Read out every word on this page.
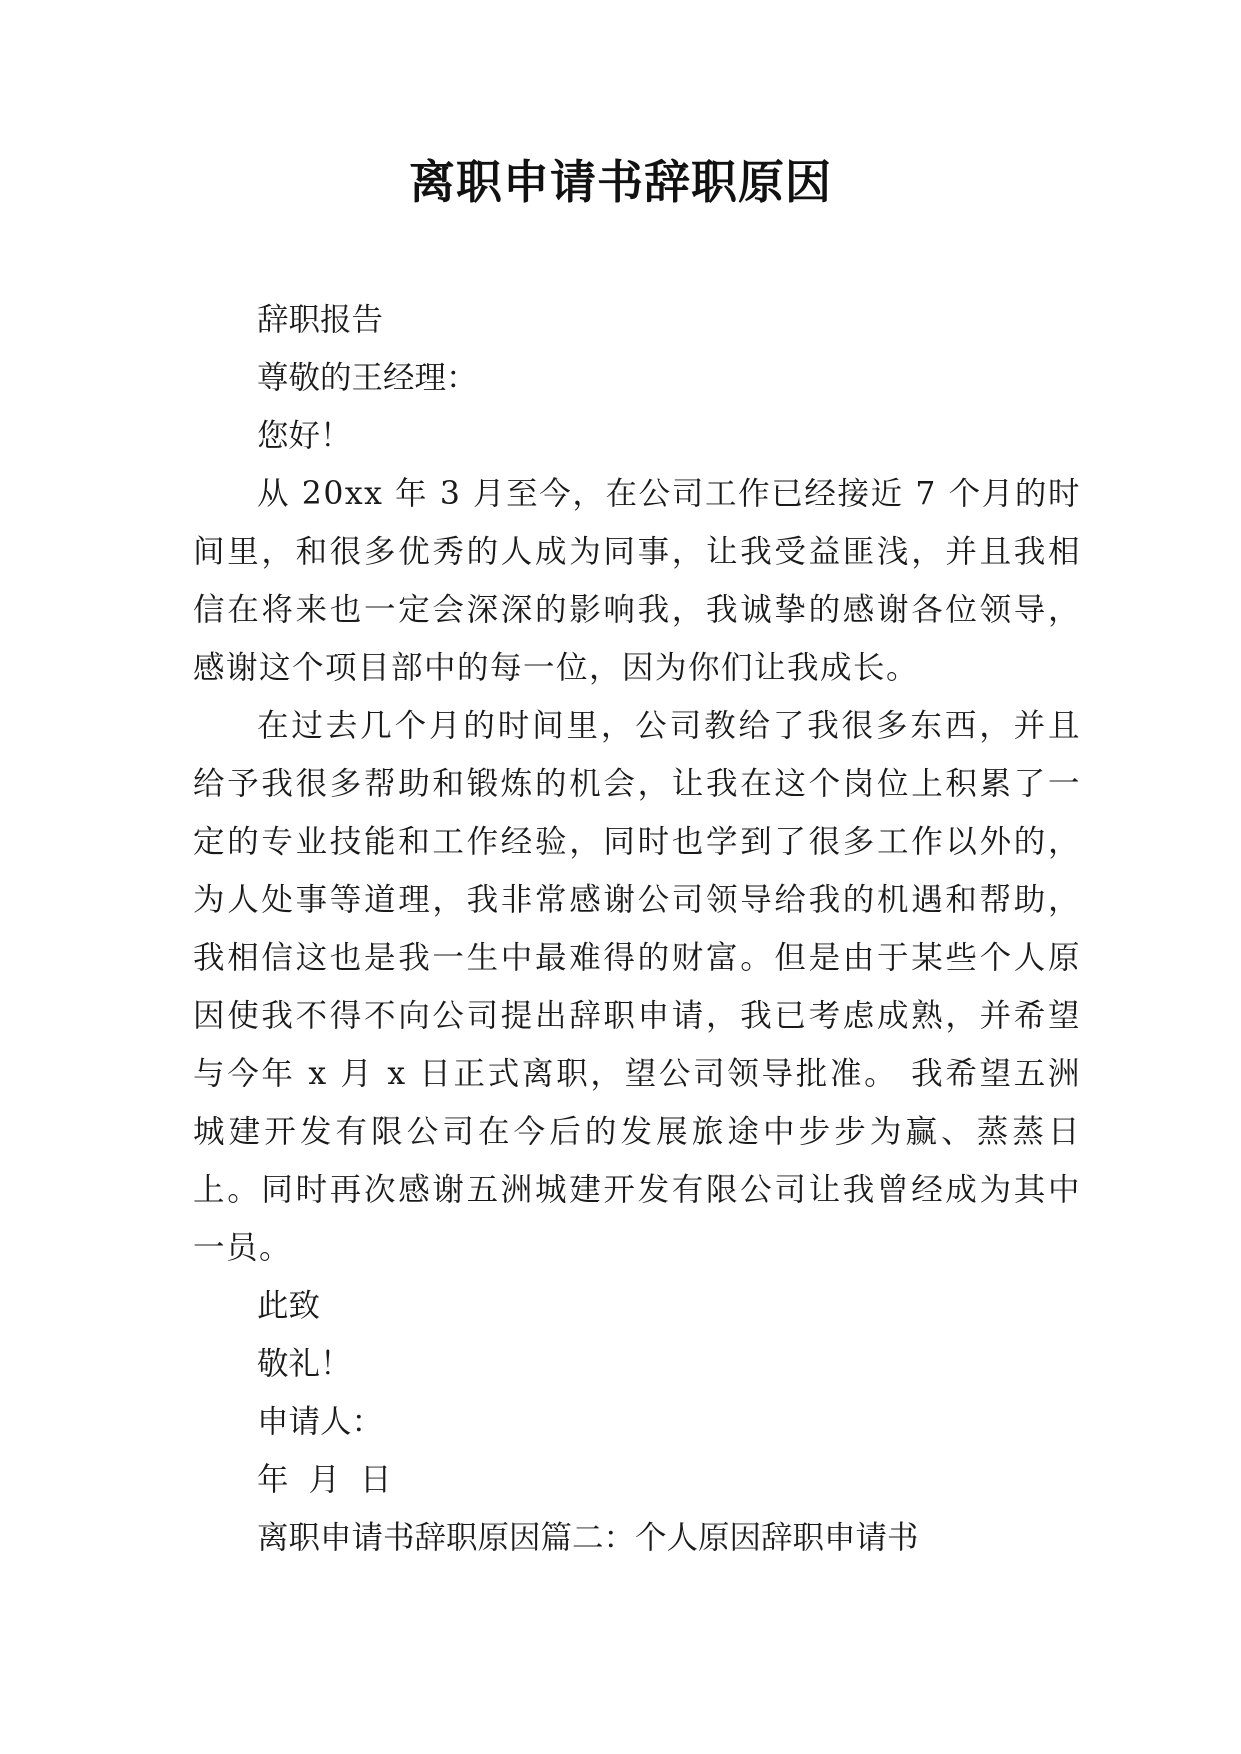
离职申请书辞职原因

辞职报告

尊敬的王经理：

您好！

从 20xx 年 3 月至今，在公司工作已经接近 7 个月的时间里，和很多优秀的人成为同事，让我受益匪浅，并且我相信在将来也一定会深深的影响我，我诚挚的感谢各位领导，感谢这个项目部中的每一位，因为你们让我成长。

在过去几个月的时间里，公司教给了我很多东西，并且给予我很多帮助和锻炼的机会，让我在这个岗位上积累了一定的专业技能和工作经验，同时也学到了很多工作以外的，为人处事等道理，我非常感谢公司领导给我的机遇和帮助，我相信这也是我一生中最难得的财富。但是由于某些个人原因使我不得不向公司提出辞职申请，我已考虑成熟，并希望与今年 x 月 x 日正式离职，望公司领导批准。 我希望五洲城建开发有限公司在今后的发展旅途中步步为赢、蒸蒸日上。同时再次感谢五洲城建开发有限公司让我曾经成为其中一员。

此致

敬礼！

申请人：

年  月  日

离职申请书辞职原因篇二：个人原因辞职申请书
